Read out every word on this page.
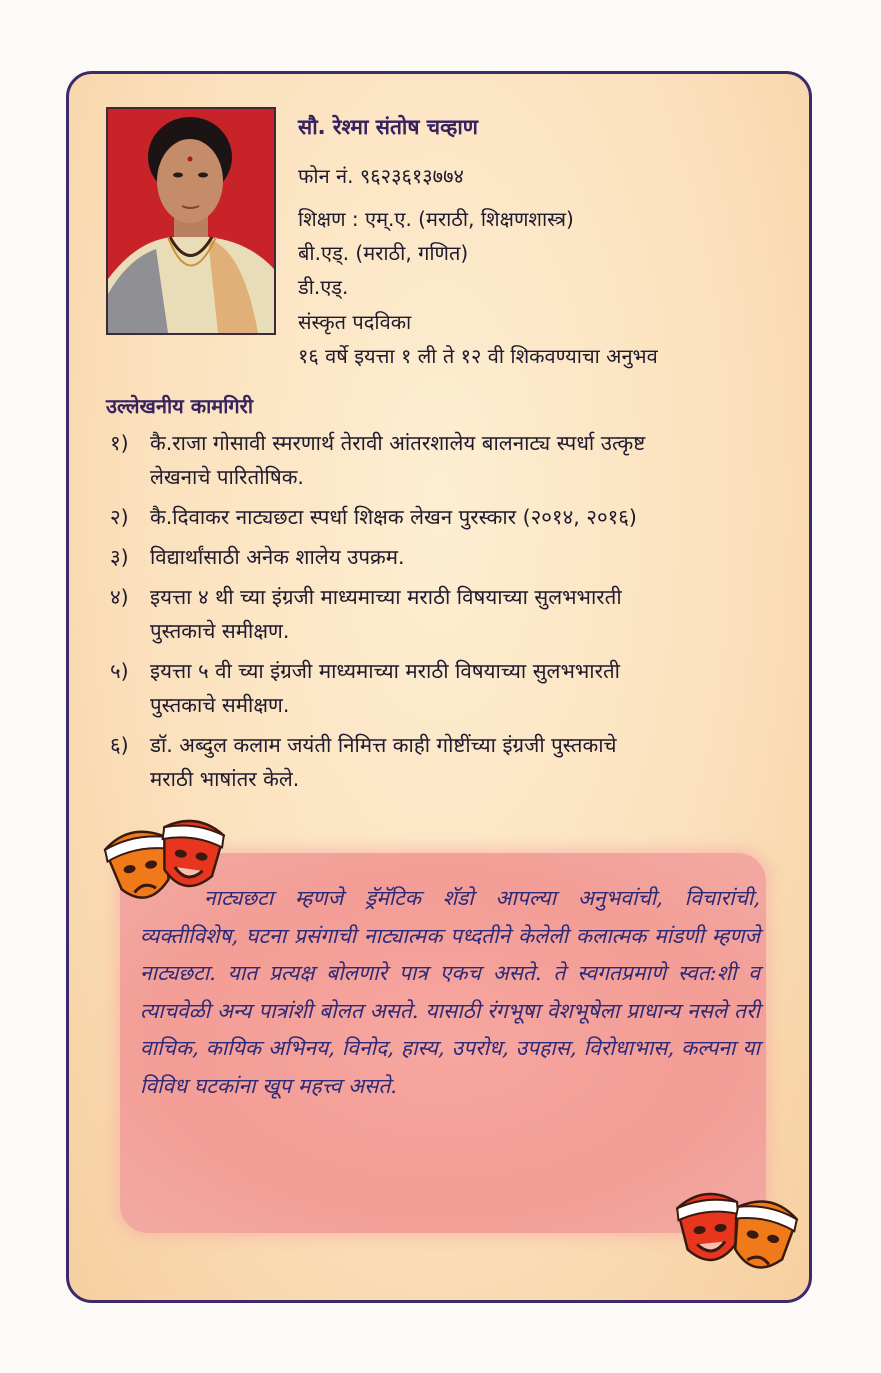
सौ. रेश्मा संतोष चव्हाण
फोन नं. ९६२३६१३७७४
शिक्षण : एम्.ए. (मराठी, शिक्षणशास्त्र)
बी.एड्. (मराठी, गणित)
डी.एड्.
संस्कृत पदविका
१६ वर्षे इयत्ता १ ली ते १२ वी शिकवण्याचा अनुभव
उल्लेखनीय कामगिरी
१)	कै.राजा गोसावी स्मरणार्थ तेरावी आंतरशालेय बालनाट्य स्पर्धा उत्कृष्ट
लेखनाचे पारितोषिक.
२)	कै.दिवाकर नाट्यछटा स्पर्धा शिक्षक लेखन पुरस्कार (२०१४, २०१६)
३)	विद्यार्थांसाठी अनेक शालेय उपक्रम.
४)	इयत्ता ४ थी च्या इंग्रजी माध्यमाच्या मराठी विषयाच्या सुलभभारती
पुस्तकाचे समीक्षण.
५)	इयत्ता ५ वी च्या इंग्रजी माध्यमाच्या मराठी विषयाच्या सुलभभारती
पुस्तकाचे समीक्षण.
६)	डॉ. अब्दुल कलाम जयंती निमित्त काही गोष्टींच्या इंग्रजी पुस्तकाचे
मराठी भाषांतर केले.

नाट्यछटा म्हणजे ड्रॅमॅटिक शॅडो आपल्या अनुभवांची, विचारांची, व्यक्तीविशेष, घटना प्रसंगाची नाट्यात्मक पध्दतीने केलेली कलात्मक मांडणी म्हणजे नाट्यछटा. यात प्रत्यक्ष बोलणारे पात्र एकच असते. ते स्वगतप्रमाणे स्वत:शी व त्याचवेळी अन्य पात्रांशी बोलत असते. यासाठी रंगभूषा वेशभूषेला प्राधान्य नसले तरी वाचिक, कायिक अभिनय, विनोद, हास्य, उपरोध, उपहास, विरोधाभास, कल्पना या विविध घटकांना खूप महत्त्व असते.
